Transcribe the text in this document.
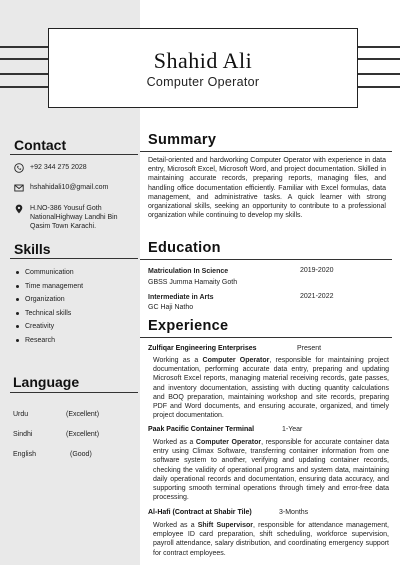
Shahid Ali
Computer Operator
Contact
+92 344 275 2028
hshahidali10@gmail.com
H.NO-386 Yousuf Goth NationalHighway Landhi Bin Qasim Town Karachi.
Skills
Communication
Time management
Organization
Technical skills
Creativity
Research
Language
Urdu	(Excellent)
Sindhi	(Excellent)
English	(Good)
Summary
Detail-oriented and hardworking Computer Operator with experience in data entry, Microsoft Excel, Microsoft Word, and project documentation. Skilled in maintaining accurate records, preparing reports, managing files, and handling office documentation efficiently. Familiar with Excel formulas, data management, and administrative tasks. A quick learner with strong organizational skills, seeking an opportunity to contribute to a professional organization while continuing to develop my skills.
Education
Matriculation In Science
GBSS Jumma Hamaity Goth
2019-2020
Intermediate in Arts
GC Haji Natho
2021-2022
Experience
Zulfiqar Engineering Enterprises	Present
Working as a Computer Operator, responsible for maintaining project documentation, performing accurate data entry, preparing and updating Microsoft Excel reports, managing material receiving records, gate passes, and inventory documentation, assisting with ducting quantity calculations and BOQ preparation, maintaining workshop and site records, preparing PDF and Word documents, and ensuring accurate, organized, and timely project documentation.
Paak Pacific Container Terminal	1-Year
Worked as a Computer Operator, responsible for accurate container data entry using Climax Software, transferring container information from one software system to another, verifying and updating container records, checking the validity of operational programs and system data, maintaining daily operational records and documentation, ensuring data accuracy, and supporting smooth terminal operations through timely and error-free data processing.
Al-Hafi (Contract at Shabir Tile)	3-Months
Worked as a Shift Supervisor, responsible for attendance management, employee ID card preparation, shift scheduling, workforce supervision, payroll attendance, salary distribution, and coordinating emergency support for contract employees.
